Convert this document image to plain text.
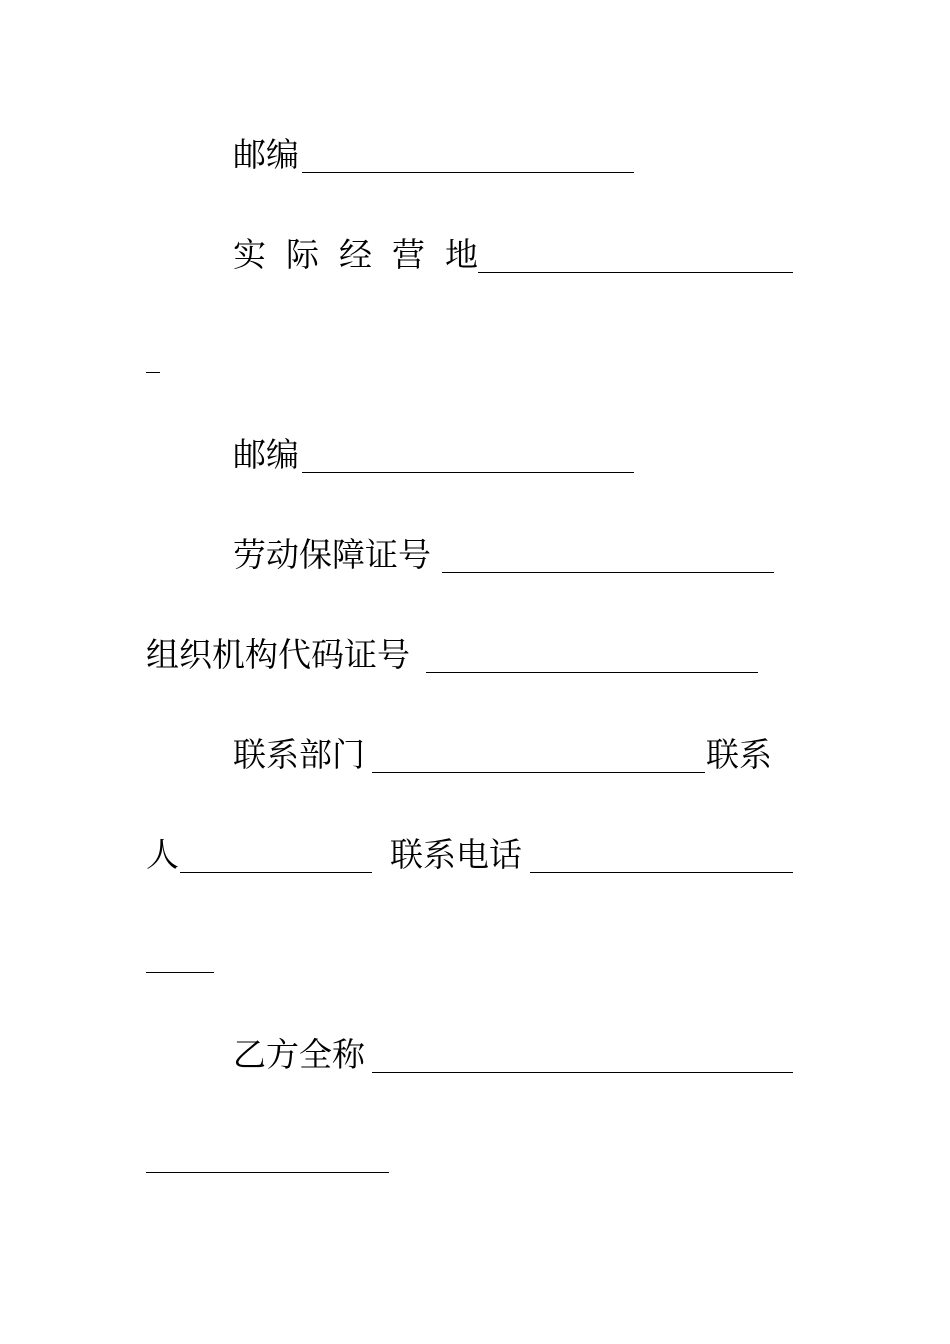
邮编
实际经营地
邮编
劳动保障证号
组织机构代码证号
联系部门	联系
人	联系电话
乙方全称
